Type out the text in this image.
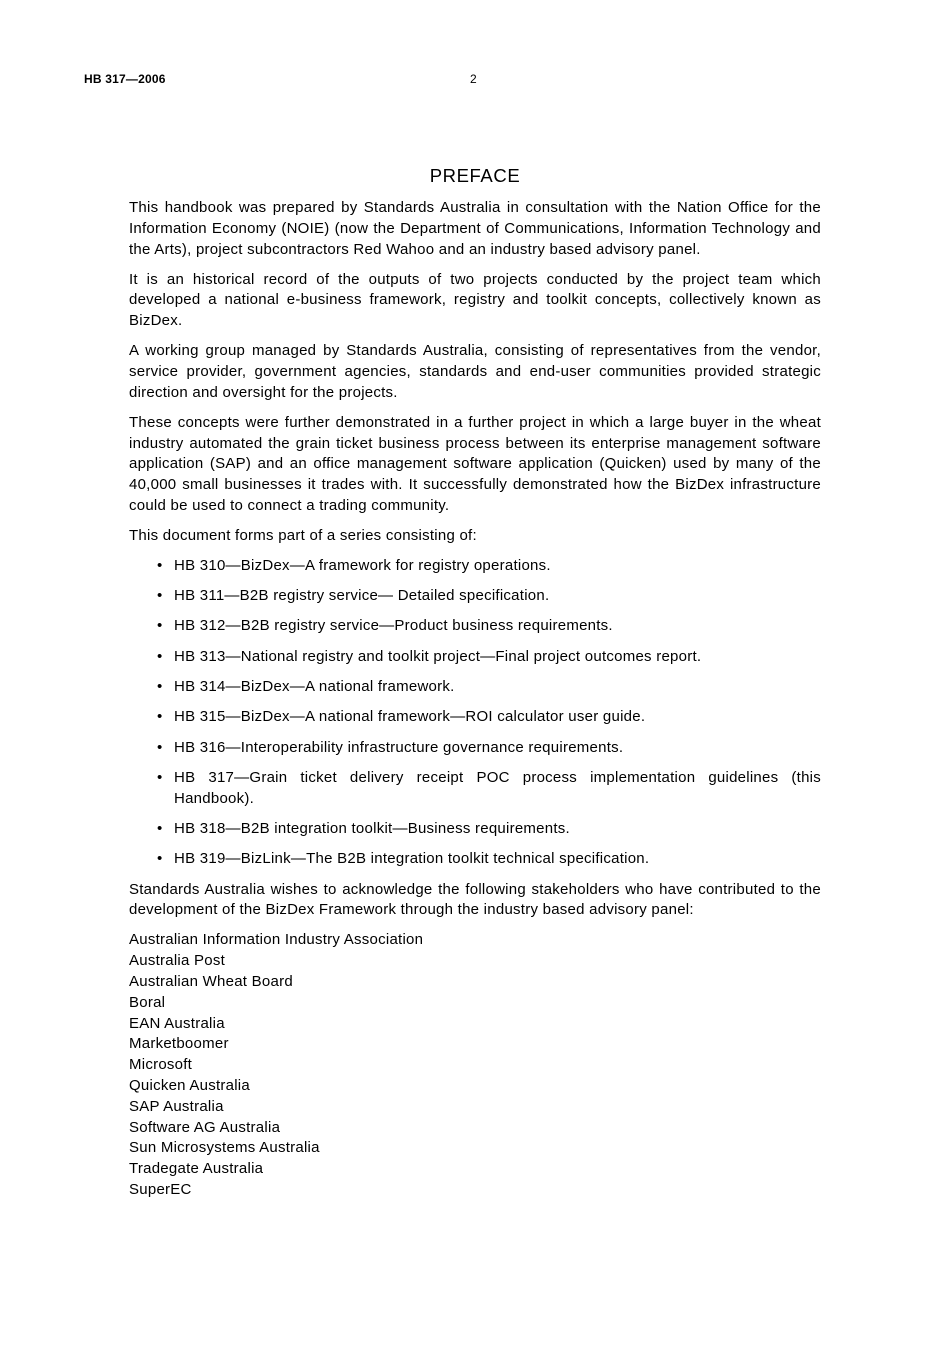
HB 317—2006	2
PREFACE

This handbook was prepared by Standards Australia in consultation with the Nation Office for the Information Economy (NOIE) (now the Department of Communications, Information Technology and the Arts), project subcontractors Red Wahoo and an industry based advisory panel.

It is an historical record of the outputs of two projects conducted by the project team which developed a national e-business framework, registry and toolkit concepts, collectively known as BizDex.

A working group managed by Standards Australia, consisting of representatives from the vendor, service provider, government agencies, standards and end-user communities provided strategic direction and oversight for the projects.

These concepts were further demonstrated in a further project in which a large buyer in the wheat industry automated the grain ticket business process between its enterprise management software application (SAP) and an office management software application (Quicken) used by many of the 40,000 small businesses it trades with. It successfully demonstrated how the BizDex infrastructure could be used to connect a trading community.

This document forms part of a series consisting of:

• HB 310—BizDex—A framework for registry operations.
• HB 311—B2B registry service— Detailed specification.
• HB 312—B2B registry service—Product business requirements.
• HB 313—National registry and toolkit project—Final project outcomes report.
• HB 314—BizDex—A national framework.
• HB 315—BizDex—A national framework—ROI calculator user guide.
• HB 316—Interoperability infrastructure governance requirements.
• HB 317—Grain ticket delivery receipt POC process implementation guidelines (this Handbook).
• HB 318—B2B integration toolkit—Business requirements.
• HB 319—BizLink—The B2B integration toolkit technical specification.

Standards Australia wishes to acknowledge the following stakeholders who have contributed to the development of the BizDex Framework through the industry based advisory panel:

Australian Information Industry Association
Australia Post
Australian Wheat Board
Boral
EAN Australia
Marketboomer
Microsoft
Quicken Australia
SAP Australia
Software AG Australia
Sun Microsystems Australia
Tradegate Australia
SuperEC
